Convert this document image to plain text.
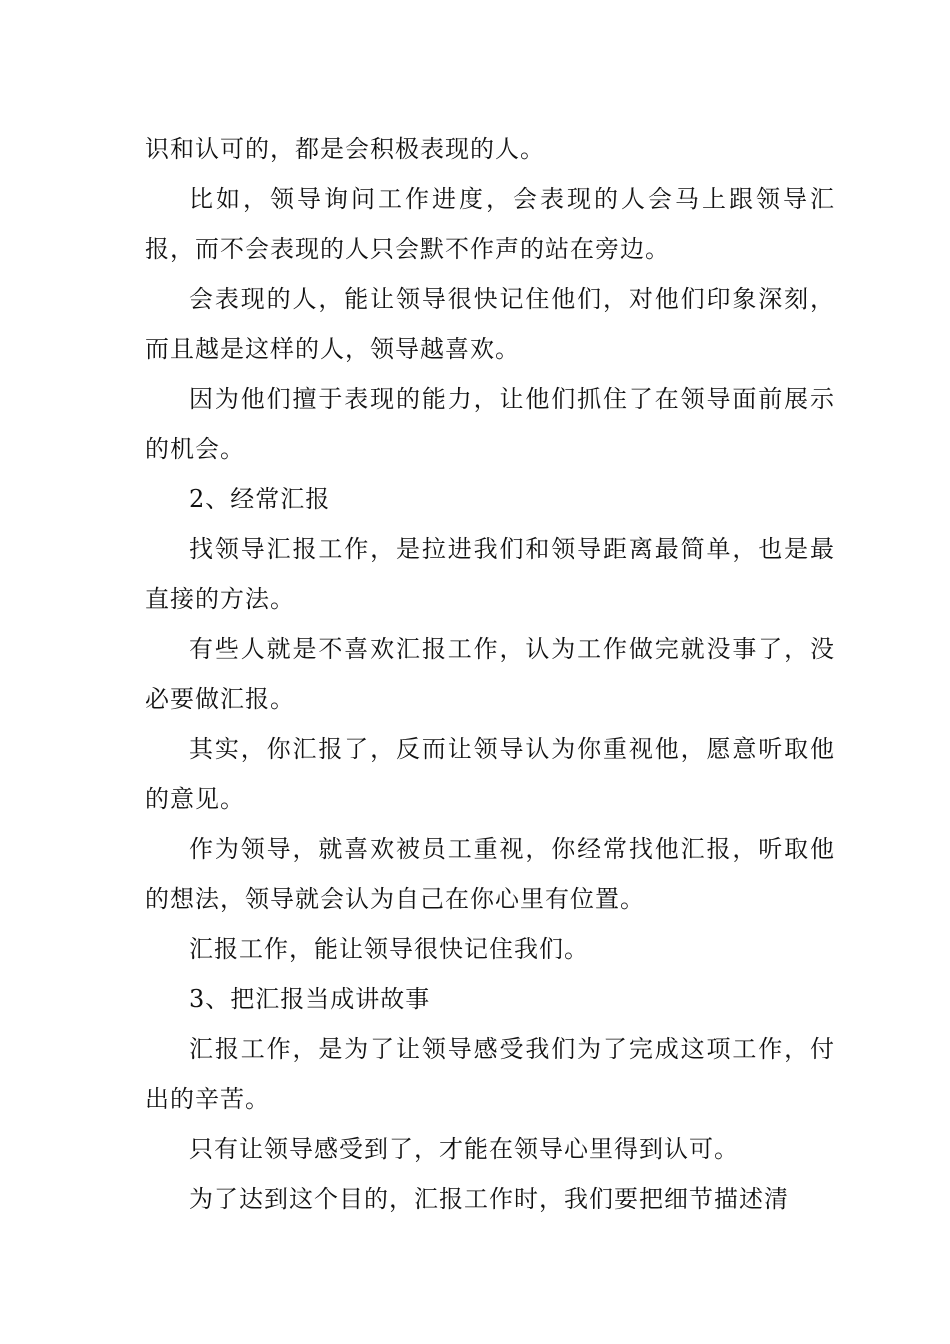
识和认可的，都是会积极表现的人。

比如，领导询问工作进度，会表现的人会马上跟领导汇报，而不会表现的人只会默不作声的站在旁边。

会表现的人，能让领导很快记住他们，对他们印象深刻，而且越是这样的人，领导越喜欢。

因为他们擅于表现的能力，让他们抓住了在领导面前展示的机会。

2、经常汇报

找领导汇报工作，是拉进我们和领导距离最简单，也是最直接的方法。

有些人就是不喜欢汇报工作，认为工作做完就没事了，没必要做汇报。

其实，你汇报了，反而让领导认为你重视他，愿意听取他的意见。

作为领导，就喜欢被员工重视，你经常找他汇报，听取他的想法，领导就会认为自己在你心里有位置。

汇报工作，能让领导很快记住我们。

3、把汇报当成讲故事

汇报工作，是为了让领导感受我们为了完成这项工作，付出的辛苦。

只有让领导感受到了，才能在领导心里得到认可。

为了达到这个目的，汇报工作时，我们要把细节描述清
